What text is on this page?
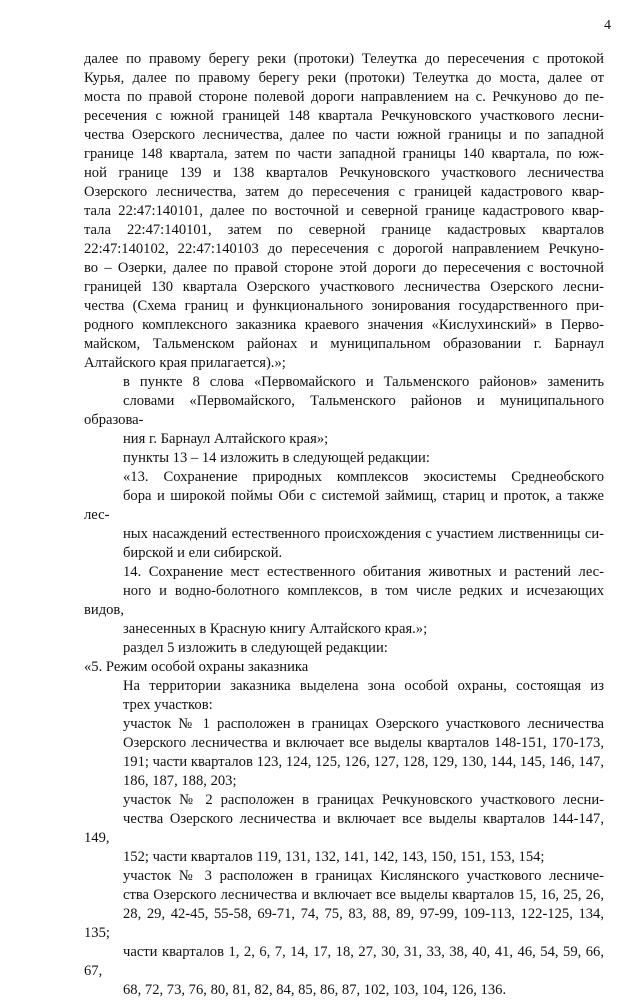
4

далее по правому берегу реки (протоки) Телеутка до пересечения с протокой
Курья, далее по правому берегу реки (протоки) Телеутка до моста, далее от
моста по правой стороне полевой дороги направлением на с. Речкуново до пе-
ресечения с южной границей 148 квартала Речкуновского участкового лесни-
чества Озерского лесничества, далее по части южной границы и по западной
границе 148 квартала, затем по части западной границы 140 квартала, по юж-
ной границе 139 и 138 кварталов Речкуновского участкового лесничества
Озерского лесничества, затем до пересечения с границей кадастрового квар-
тала 22:47:140101, далее по восточной и северной границе кадастрового квар-
тала 22:47:140101, затем по северной границе кадастровых кварталов
22:47:140102, 22:47:140103 до пересечения с дорогой направлением Речкуно-
во – Озерки, далее по правой стороне этой дороги до пересечения с восточной
границей 130 квартала Озерского участкового лесничества Озерского лесни-
чества (Схема границ и функционального зонирования государственного при-
родного комплексного заказника краевого значения «Кислухинский» в Перво-
майском, Тальменском районах и муниципальном образовании г. Барнаул
Алтайского края прилагается).»;

в пункте 8 слова «Первомайского и Тальменского районов» заменить
словами «Первомайского, Тальменского районов и муниципального образова-
ния г. Барнаул Алтайского края»;

пункты 13 – 14 изложить в следующей редакции:

«13. Сохранение природных комплексов экосистемы Среднеобского
бора и широкой поймы Оби с системой займищ, стариц и проток, а также лес-
ных насаждений естественного происхождения с участием лиственницы си-
бирской и ели сибирской.

14. Сохранение мест естественного обитания животных и растений лес-
ного и водно-болотного комплексов, в том числе редких и исчезающих видов,
занесенных в Красную книгу Алтайского края.»;

раздел 5 изложить в следующей редакции:

«5. Режим особой охраны заказника

На территории заказника выделена зона особой охраны, состоящая из
трех участков:

участок № 1 расположен в границах Озерского участкового лесничества
Озерского лесничества и включает все выделы кварталов 148-151, 170-173,
191; части кварталов 123, 124, 125, 126, 127, 128, 129, 130, 144, 145, 146, 147,
186, 187, 188, 203;

участок № 2 расположен в границах Речкуновского участкового лесни-
чества Озерского лесничества и включает все выделы кварталов 144-147, 149,
152; части кварталов 119, 131, 132, 141, 142, 143, 150, 151, 153, 154;

участок № 3 расположен в границах Кислянского участкового лесниче-
ства Озерского лесничества и включает все выделы кварталов 15, 16, 25, 26,
28, 29, 42-45, 55-58, 69-71, 74, 75, 83, 88, 89, 97-99, 109-113, 122-125, 134, 135;
части кварталов 1, 2, 6, 7, 14, 17, 18, 27, 30, 31, 33, 38, 40, 41, 46, 54, 59, 66, 67,
68, 72, 73, 76, 80, 81, 82, 84, 85, 86, 87, 102, 103, 104, 126, 136.
